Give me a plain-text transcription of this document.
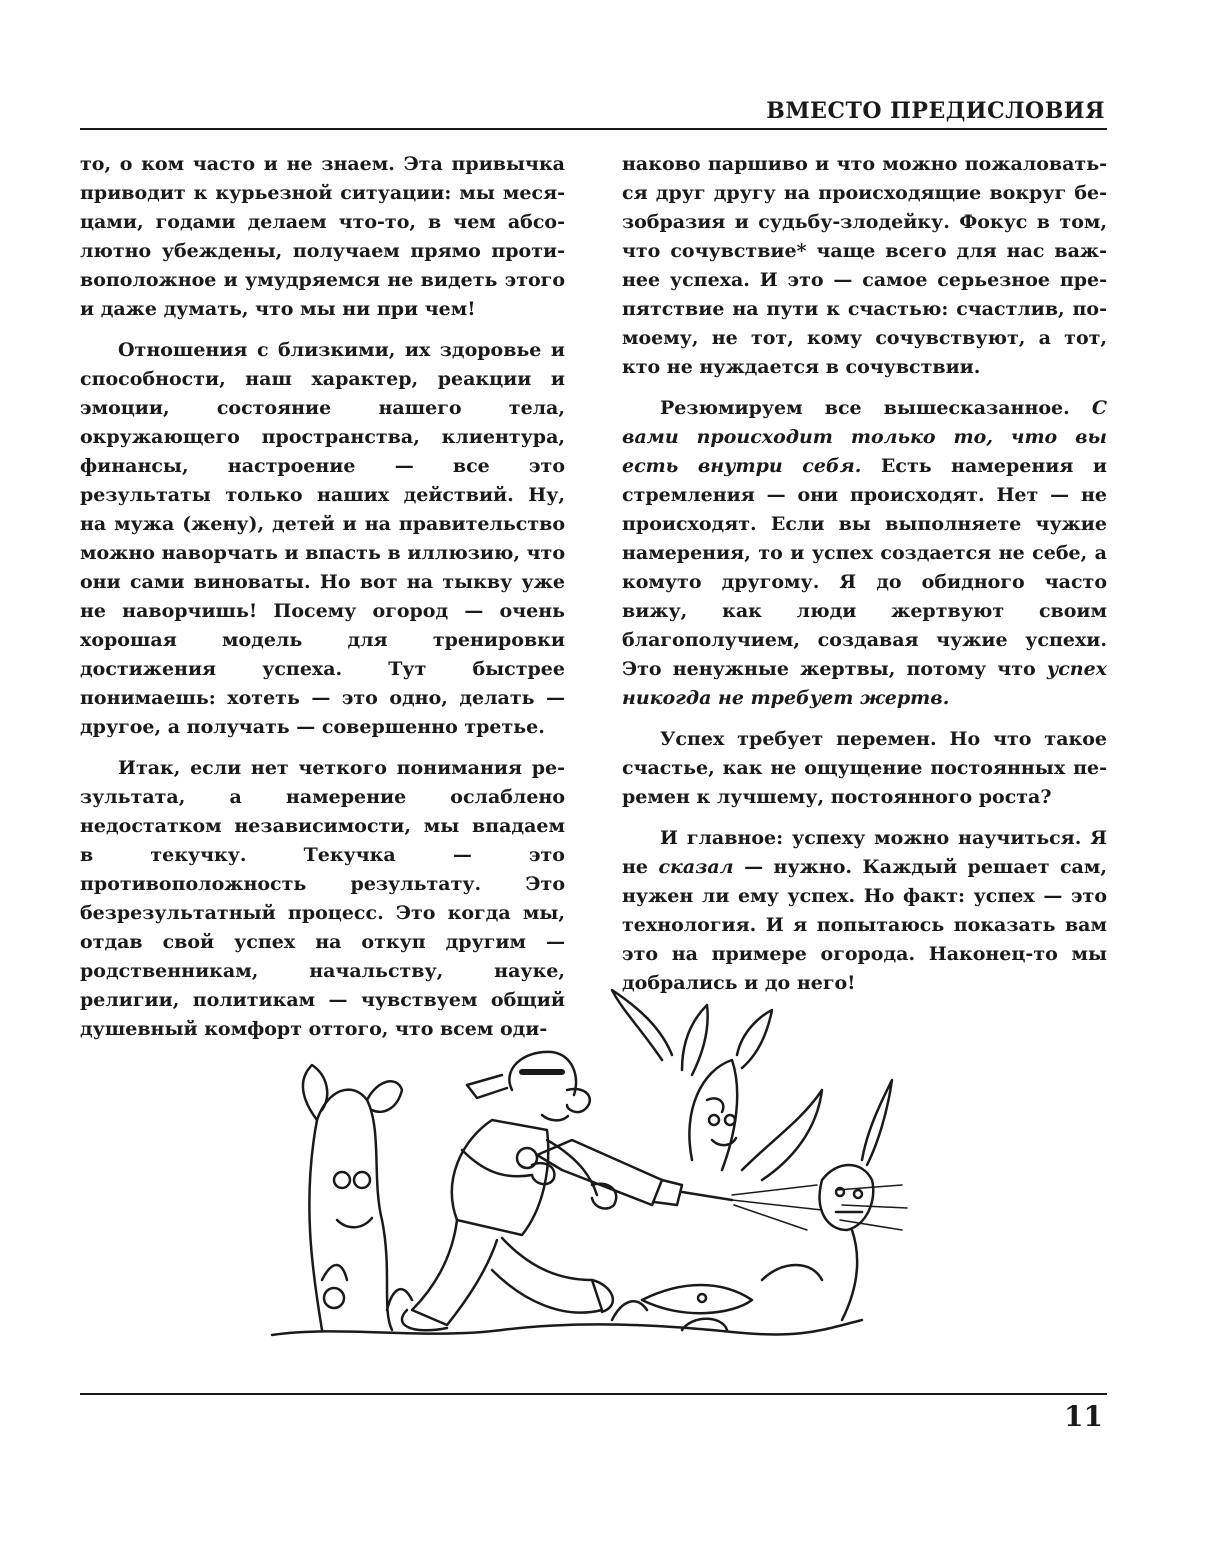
ВМЕСТО ПРЕДИСЛОВИЯ

то, о ком часто и не знаем. Эта привычка приводит к курьезной ситуации: мы месяцами, годами делаем что-то, в чем абсолютно убеждены, получаем прямо противоположное и умудряемся не видеть этого и даже думать, что мы ни при чем!

Отношения с близкими, их здоровье и способности, наш характер, реакции и эмоции, состояние нашего тела, окружающего пространства, клиентура, финансы, настроение — все это результаты только наших действий. Ну, на мужа (жену), детей и на правительство можно наворчать и впасть в иллюзию, что они сами виноваты. Но вот на тыкву уже не наворчишь! Посему огород — очень хорошая модель для тренировки достижения успеха. Тут быстрее понимаешь: хотеть — это одно, делать — другое, а получать — совершенно третье.

Итак, если нет четкого понимания результата, а намерение ослаблено недостатком независимости, мы впадаем в текучку. Текучка — это противоположность результату. Это безрезультатный процесс. Это когда мы, отдав свой успех на откуп другим — родственникам, начальству, науке, религии, политикам — чувствуем общий душевный комфорт оттого, что всем оди-

наково паршиво и что можно пожаловаться друг другу на происходящие вокруг безобразия и судьбу-злодейку. Фокус в том, что сочувствие* чаще всего для нас важнее успеха. И это — самое серьезное препятствие на пути к счастью: счастлив, помоему, не тот, кому сочувствуют, а тот, кто не нуждается в сочувствии.

Резюмируем все вышесказанное. С вами происходит только то, что вы есть внутри себя. Есть намерения и стремления — они происходят. Нет — не происходят. Если вы выполняете чужие намерения, то и успех создается не себе, а комуто другому. Я до обидного часто вижу, как люди жертвуют своим благополучием, создавая чужие успехи. Это ненужные жертвы, потому что успех никогда не требует жертв.

Успех требует перемен. Но что такое счастье, как не ощущение постоянных перемен к лучшему, постоянного роста?

И главное: успеху можно научиться. Я не сказал — нужно. Каждый решает сам, нужен ли ему успех. Но факт: успех — это технология. И я попытаюсь показать вам это на примере огорода. Наконец-то мы добрались и до него!

11
